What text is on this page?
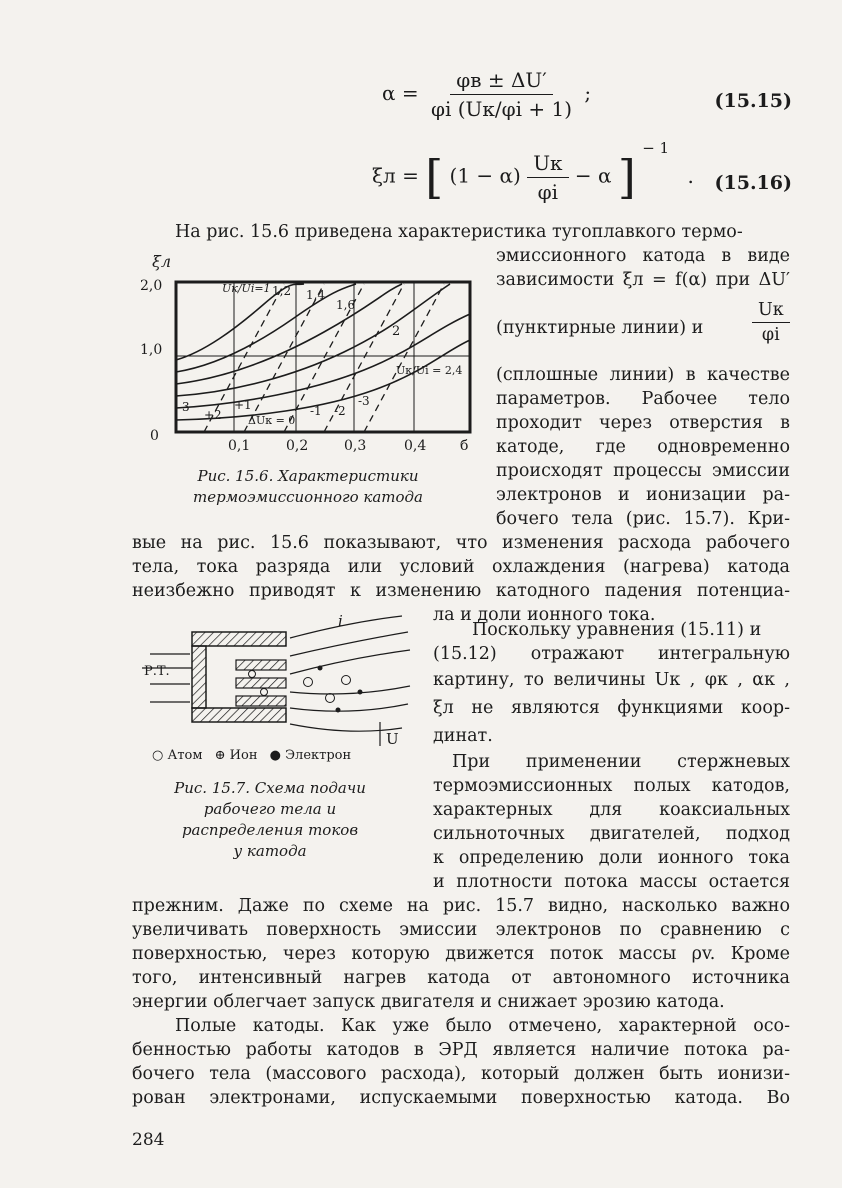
$\alpha = \frac{\varphi в \pm \Delta U'}{\varphi i (Uк/\varphi i + 1)}$ ;	(15.15)
ξл = [ $(1 - \alpha) \frac{Uк}{\varphi i} - \alpha$ ] $^{- 1}$ . (15.16)
На рис. 15.6 приведена характеристика тугоплавкого термо-
эмиссионного катода в виде
зависимости ξл = f(α) при ΔU′
(пунктирные линии) и
Uк
φi
(сплошные линии) в качестве
параметров. Рабочее тело
проходит через отверстия в
катоде, где одновременно
происходят процессы эмиссии
электронов и ионизации ра-
бочего тела (рис. 15.7). Кри-
вые на рис. 15.6 показывают, что изменения расхода рабочего
тела, тока разряда или условий охлаждения (нагрева) катода
неизбежно приводят к изменению катодного падения потенциа-
ла и доли ионного тока.
ξл
2,0
1,0
0
1,2 1,4
1,6
2
Uк/Ui=1
Uк/Ui = 2,4
-3
+2
+1	-1 -2
-3
ΔUк = 0
0,1	0,2	0,3	0,4 б
Рис. 15.6. Характеристики
термоэмиссионного катода
Р.Т.
i
U
○ Атом ⊕ Ион ● Электрон
Рис. 15.7. Схема подачи
рабочего тела и
распределения токов
у катода
Поскольку уравнения (15.11) и
(15.12) отражают интегральную
картину, то величины Uк , φк , αк ,
ξл не являются функциями коор-
динат.
При применении стержневых
термоэмиссионных полых катодов,
характерных для коаксиальных
сильноточных двигателей, подход
к определению доли ионного тока
и плотности потока массы остается
прежним. Даже по схеме на рис. 15.7 видно, насколько важно
увеличивать поверхность эмиссии электронов по сравнению с
поверхностью, через которую движется поток массы ρv. Кроме
того, интенсивный нагрев катода от автономного источника
энергии облегчает запуск двигателя и снижает эрозию катода.
Полые катоды. Как уже было отмечено, характерной осо-
бенностью работы катодов в ЭРД является наличие потока ра-
бочего тела (массового расхода), который должен быть ионизи-
рован электронами, испускаемыми поверхностью катода. Во
284
